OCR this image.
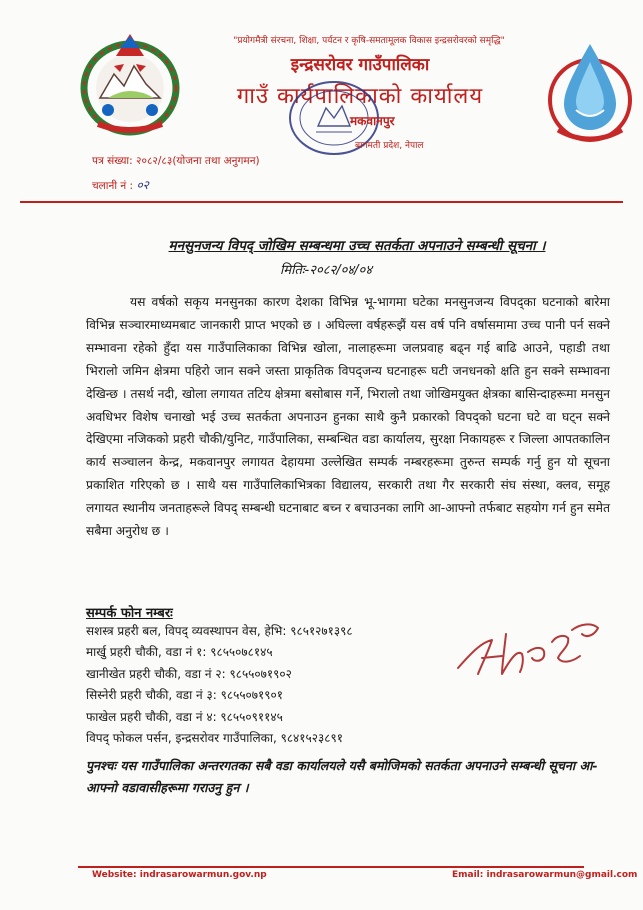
"प्रयोगमैत्री संरचना, शिक्षा, पर्यटन र कृषि-समतामूलक विकास इन्द्रसरोवरको समृद्धि"
इन्द्रसरोवर गाउँपालिका
गाउँ कार्यपालिकाको कार्यालय
मकवानपुर
बागमती प्रदेश, नेपाल
पत्र संख्या: २०८२/८३(योजना तथा अनुगमन)
चलानी नं : ०२
मनसुनजन्य विपद् जोखिम सम्बन्धमा उच्च सतर्कता अपनाउने सम्बन्धी सूचना ।
मितिः-२०८२/०४/०४

यस वर्षको सकृय मनसुनका कारण देशका विभिन्न भू-भागमा घटेका मनसुनजन्य विपद्का घटनाको बारेमा विभिन्न सञ्चारमाध्यमबाट जानकारी प्राप्त भएको छ । अघिल्ला वर्षहरूझैं यस वर्ष पनि वर्षासमामा उच्च पानी पर्न सक्ने सम्भावना रहेको हुँदा यस गाउँपालिकाका विभिन्न खोला, नालाहरूमा जलप्रवाह बढ्न गई बाढि आउने, पहाडी तथा भिरालो जमिन क्षेत्रमा पहिरो जान सक्ने जस्ता प्राकृतिक विपद्जन्य घटनाहरू घटी जनधनको क्षति हुन सक्ने सम्भावना देखिन्छ । तसर्थ नदी, खोला लगायत तटिय क्षेत्रमा बसोबास गर्ने, भिरालो तथा जोखिमयुक्त क्षेत्रका बासिन्दाहरूमा मनसुन अवधिभर विशेष चनाखो भई उच्च सतर्कता अपनाउन हुनका साथै कुनै प्रकारको विपद्को घटना घटे वा घट्न सक्ने देखिएमा नजिकको प्रहरी चौकी/युनिट, गाउँपालिका, सम्बन्धित वडा कार्यालय, सुरक्षा निकायहरू र जिल्ला आपतकालिन कार्य सञ्चालन केन्द्र, मकवानपुर लगायत देहायमा उल्लेखित सम्पर्क नम्बरहरूमा तुरुन्त सम्पर्क गर्नु हुन यो सूचना प्रकाशित गरिएको छ । साथै यस गाउँपालिकाभित्रका विद्यालय, सरकारी तथा गैर सरकारी संघ संस्था, क्लव, समूह लगायत स्थानीय जनताहरूले विपद् सम्बन्धी घटनाबाट बच्न र बचाउनका लागि आ-आफ्नो तर्फबाट सहयोग गर्न हुन समेत सबैमा अनुरोध छ ।

सम्पर्क फोन नम्बरः
सशस्त्र प्रहरी बल, विपद् व्यवस्थापन वेस, हेभि: ९८५१२७१३९८
मार्खु प्रहरी चौकी, वडा नं १: ९८५५०७८१४५
खानीखेत प्रहरी चौकी, वडा नं २: ९८५५०७१९०२
सिस्नेरी प्रहरी चौकी, वडा नं ३: ९८५५०७१९०१
फाखेल प्रहरी चौकी, वडा नं ४: ९८५५०९११४५
विपद् फोकल पर्सन, इन्द्रसरोवर गाउँपालिका, ९८४१५२३८९१
पुनश्चः यस गाउँपालिका अन्तरगतका सबै वडा कार्यालयले यसै बमोजिमको सतर्कता अपनाउने सम्बन्धी सूचना आ-आफ्नो वडावासीहरूमा गराउनु हुन ।
Website: indrasarowarmun.gov.np	Email: indrasarowarmun@gmail.com
